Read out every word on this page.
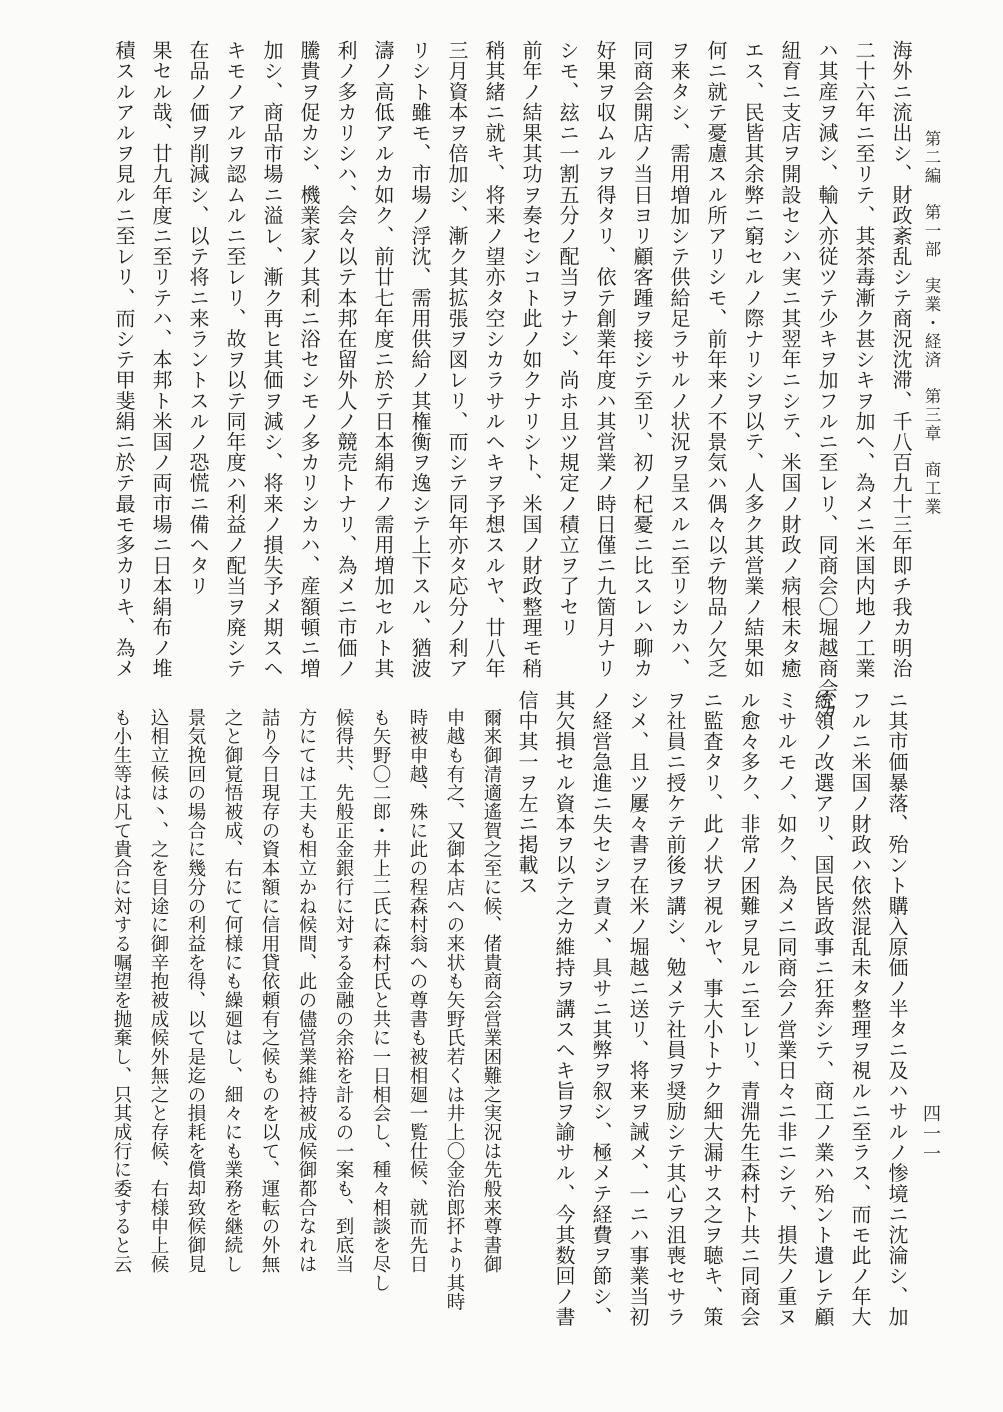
第二編　第一部　実業・経済　第三章　商工業
四一一
海外ニ流出シ、財政紊乱シテ商況沈滞、千八百九十三年即チ我カ明治
二十六年ニ至リテ、其茶毒漸ク甚シキヲ加ヘ、為メニ米国内地ノ工業
ハ其産ヲ減シ、輸入亦従ツテ少キヲ加フルニ至レリ、同商会〇堀越商会カ
紐育ニ支店ヲ開設セシハ実ニ其翌年ニシテ、米国ノ財政ノ病根未タ癒
エス、民皆其余弊ニ窮セルノ際ナリシヲ以テ、人多ク其営業ノ結果如
何ニ就テ憂慮スル所アリシモ、前年来ノ不景気ハ偶々以テ物品ノ欠乏
ヲ来タシ、需用増加シテ供給足ラサルノ状況ヲ呈スルニ至リシカハ、
同商会開店ノ当日ヨリ顧客踵ヲ接シテ至リ、初ノ杞憂ニ比スレハ聊カ
好果ヲ収ムルヲ得タリ、依テ創業年度ハ其営業ノ時日僅ニ九箇月ナリ
シモ、玆ニ一割五分ノ配当ヲナシ、尚ホ且ツ規定ノ積立ヲ了セリ
前年ノ結果其功ヲ奏セシコト此ノ如クナリシト、米国ノ財政整理モ稍
稍其緒ニ就キ、将来ノ望亦タ空シカラサルヘキヲ予想スルヤ、廿八年
三月資本ヲ倍加シ、漸ク其拡張ヲ図レリ、而シテ同年亦タ応分ノ利ア
リシト雖モ、市場ノ浮沈、需用供給ノ其権衡ヲ逸シテ上下スル、猶波
濤ノ高低アルカ如ク、前廿七年度ニ於テ日本絹布ノ需用増加セルト其
利ノ多カリシハ、会々以テ本邦在留外人ノ競売トナリ、為メニ市価ノ
騰貴ヲ促カシ、機業家ノ其利ニ浴セシモノ多カリシカハ、産額頓ニ増
加シ、商品市場ニ溢レ、漸ク再ヒ其価ヲ減シ、将来ノ損失予メ期スヘ
キモノアルヲ認ムルニ至レリ、故ヲ以テ同年度ハ利益ノ配当ヲ廃シテ
在品ノ価ヲ削減シ、以テ将ニ来ラントスルノ恐慌ニ備ヘタリ
果セル哉、廿九年度ニ至リテハ、本邦ト米国ノ両市場ニ日本絹布ノ堆
積スルアルヲ見ルニ至レリ、而シテ甲斐絹ニ於テ最モ多カリキ、為メ
ニ其市価暴落、殆ント購入原価ノ半タニ及ハサルノ惨境ニ沈淪シ、加
フルニ米国ノ財政ハ依然混乱未タ整理ヲ視ルニ至ラス、而モ此ノ年大
統領ノ改選アリ、国民皆政事ニ狂奔シテ、商工ノ業ハ殆ント遺レテ顧
ミサルモノ、如ク、為メニ同商会ノ営業日々ニ非ニシテ、損失ノ重ヌ
ル愈々多ク、非常ノ困難ヲ見ルニ至レリ、青淵先生森村ト共ニ同商会
ニ監査タリ、此ノ状ヲ視ルヤ、事大小トナク細大漏サス之ヲ聴キ、策
ヲ社員ニ授ケテ前後ヲ講シ、勉メテ社員ヲ奨励シテ其心ヲ沮喪セサラ
シメ、且ツ屢々書ヲ在米ノ堀越ニ送リ、将来ヲ誡メ、一ニハ事業当初
ノ経営急進ニ失セシヲ責メ、具サニ其弊ヲ叙シ、極メテ経費ヲ節シ、
其欠損セル資本ヲ以テ之カ維持ヲ講スヘキ旨ヲ諭サル、今其数回ノ書
信中其一ヲ左ニ掲載ス
爾来御清適遙賀之至に候、偖貴商会営業困難之実況は先般来尊書御
申越も有之、又御本店への来状も矢野氏若くは井上〇金治郎抔より其時
時被申越、殊に此の程森村翁への尊書も被相廻一覧仕候、就而先日
も矢野〇二郎・井上二氏に森村氏と共に一日相会し、種々相談を尽し
候得共、先般正金銀行に対する金融の余裕を計るの一案も、到底当
方にては工夫も相立かね候間、此の儘営業維持被成候御都合なれは
詰り今日現存の資本額に信用貸依頼有之候ものを以て、運転の外無
之と御覚悟被成、右にて何様にも繰廻はし、細々にも業務を継続し
景気挽回の場合に幾分の利益を得、以て是迄の損耗を償却致候御見
込相立候は丶、之を目途に御辛抱被成候外無之と存候、右様申上候
も小生等は凡て貴合に対する嘱望を抛棄し、只其成行に委すると云
